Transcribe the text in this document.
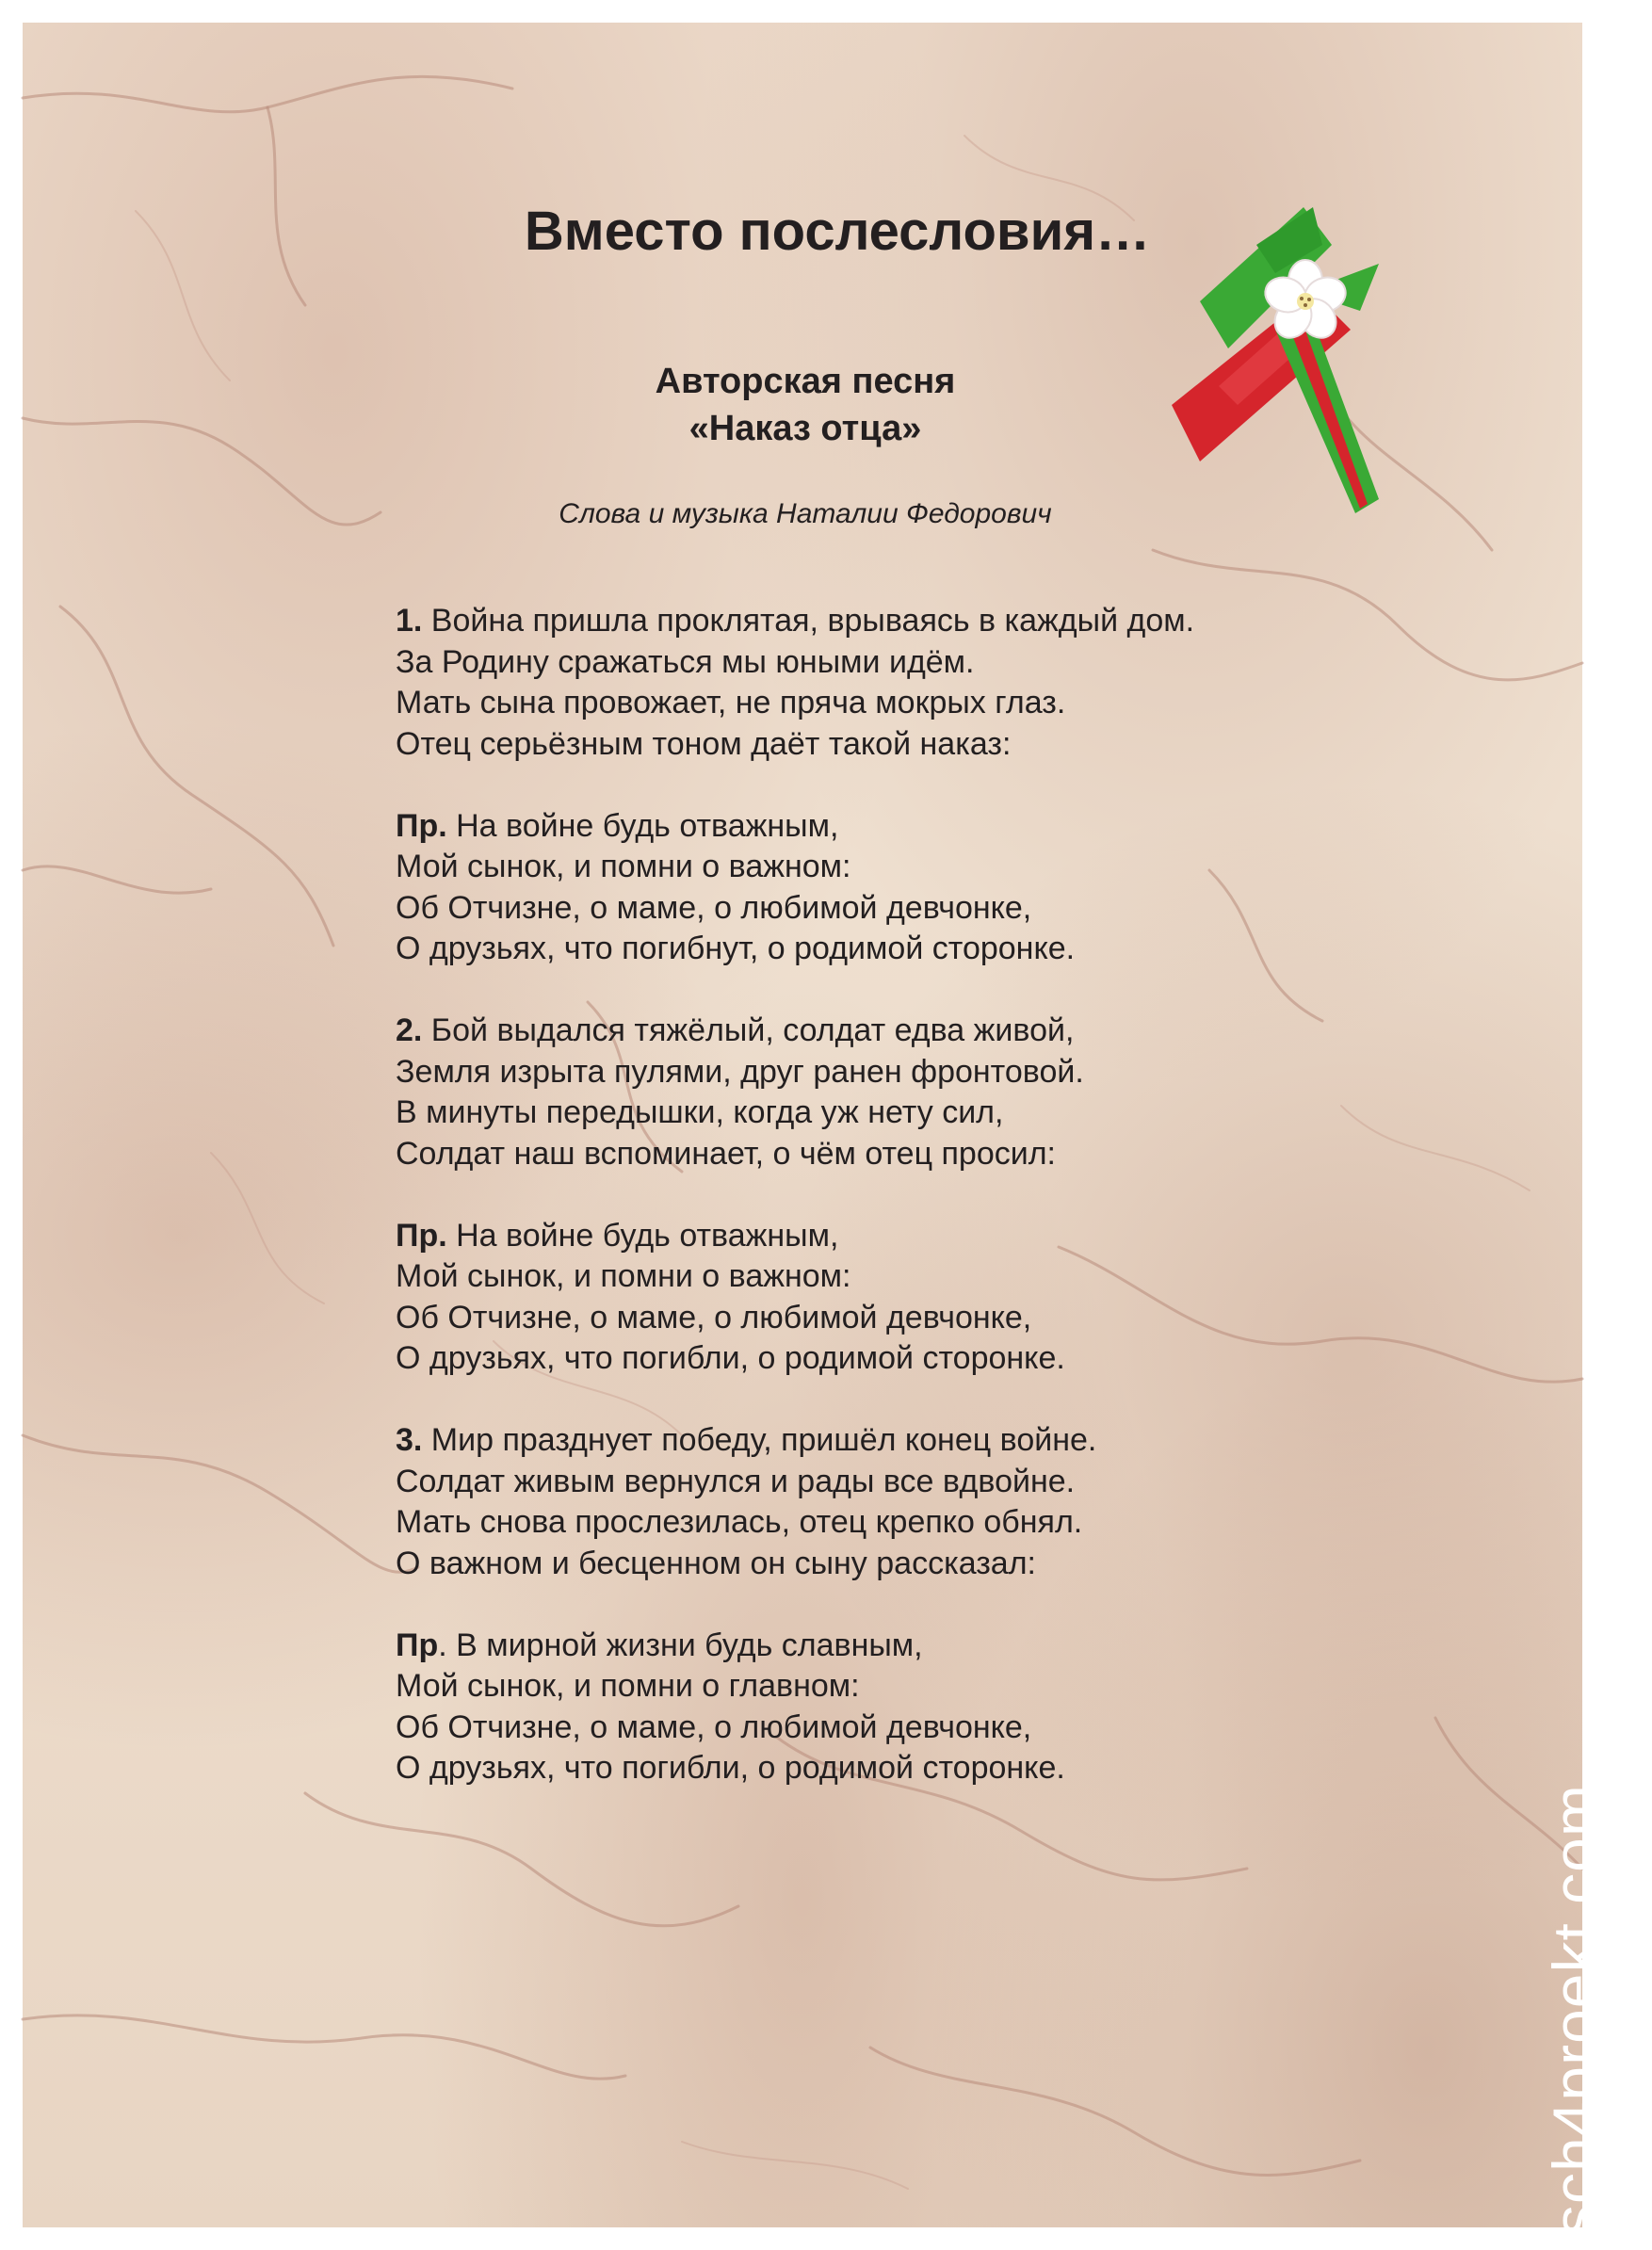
Вместо послесловия…
Авторская песня
«Наказ отца»
Слова и музыка Наталии Федорович
1. Война пришла проклятая, врываясь в каждый дом.
За Родину сражаться мы юными идём.
Мать сына провожает, не пряча мокрых глаз.
Отец серьёзным тоном даёт такой наказ:
Пр. На войне будь отважным,
Мой сынок, и помни о важном:
Об Отчизне, о маме, о любимой девчонке,
О друзьях, что погибнут, о родимой сторонке.
2. Бой выдался тяжёлый, солдат едва живой,
Земля изрыта пулями, друг ранен фронтовой.
В минуты передышки, когда уж нету сил,
Солдат наш вспоминает, о чём отец просил:
Пр. На войне будь отважным,
Мой сынок, и помни о важном:
Об Отчизне, о маме, о любимой девчонке,
О друзьях, что погибли, о родимой сторонке.
3. Мир празднует победу, пришёл конец войне.
Солдат живым вернулся и рады все вдвойне.
Мать снова прослезилась, отец крепко обнял.
О важном и бесценном он сыну рассказал:
Пр. В мирной жизни будь славным,
Мой сынок, и помни о главном:
Об Отчизне, о маме, о любимой девчонке,
О друзьях, что погибли, о родимой сторонке.
sch4proekt.com
